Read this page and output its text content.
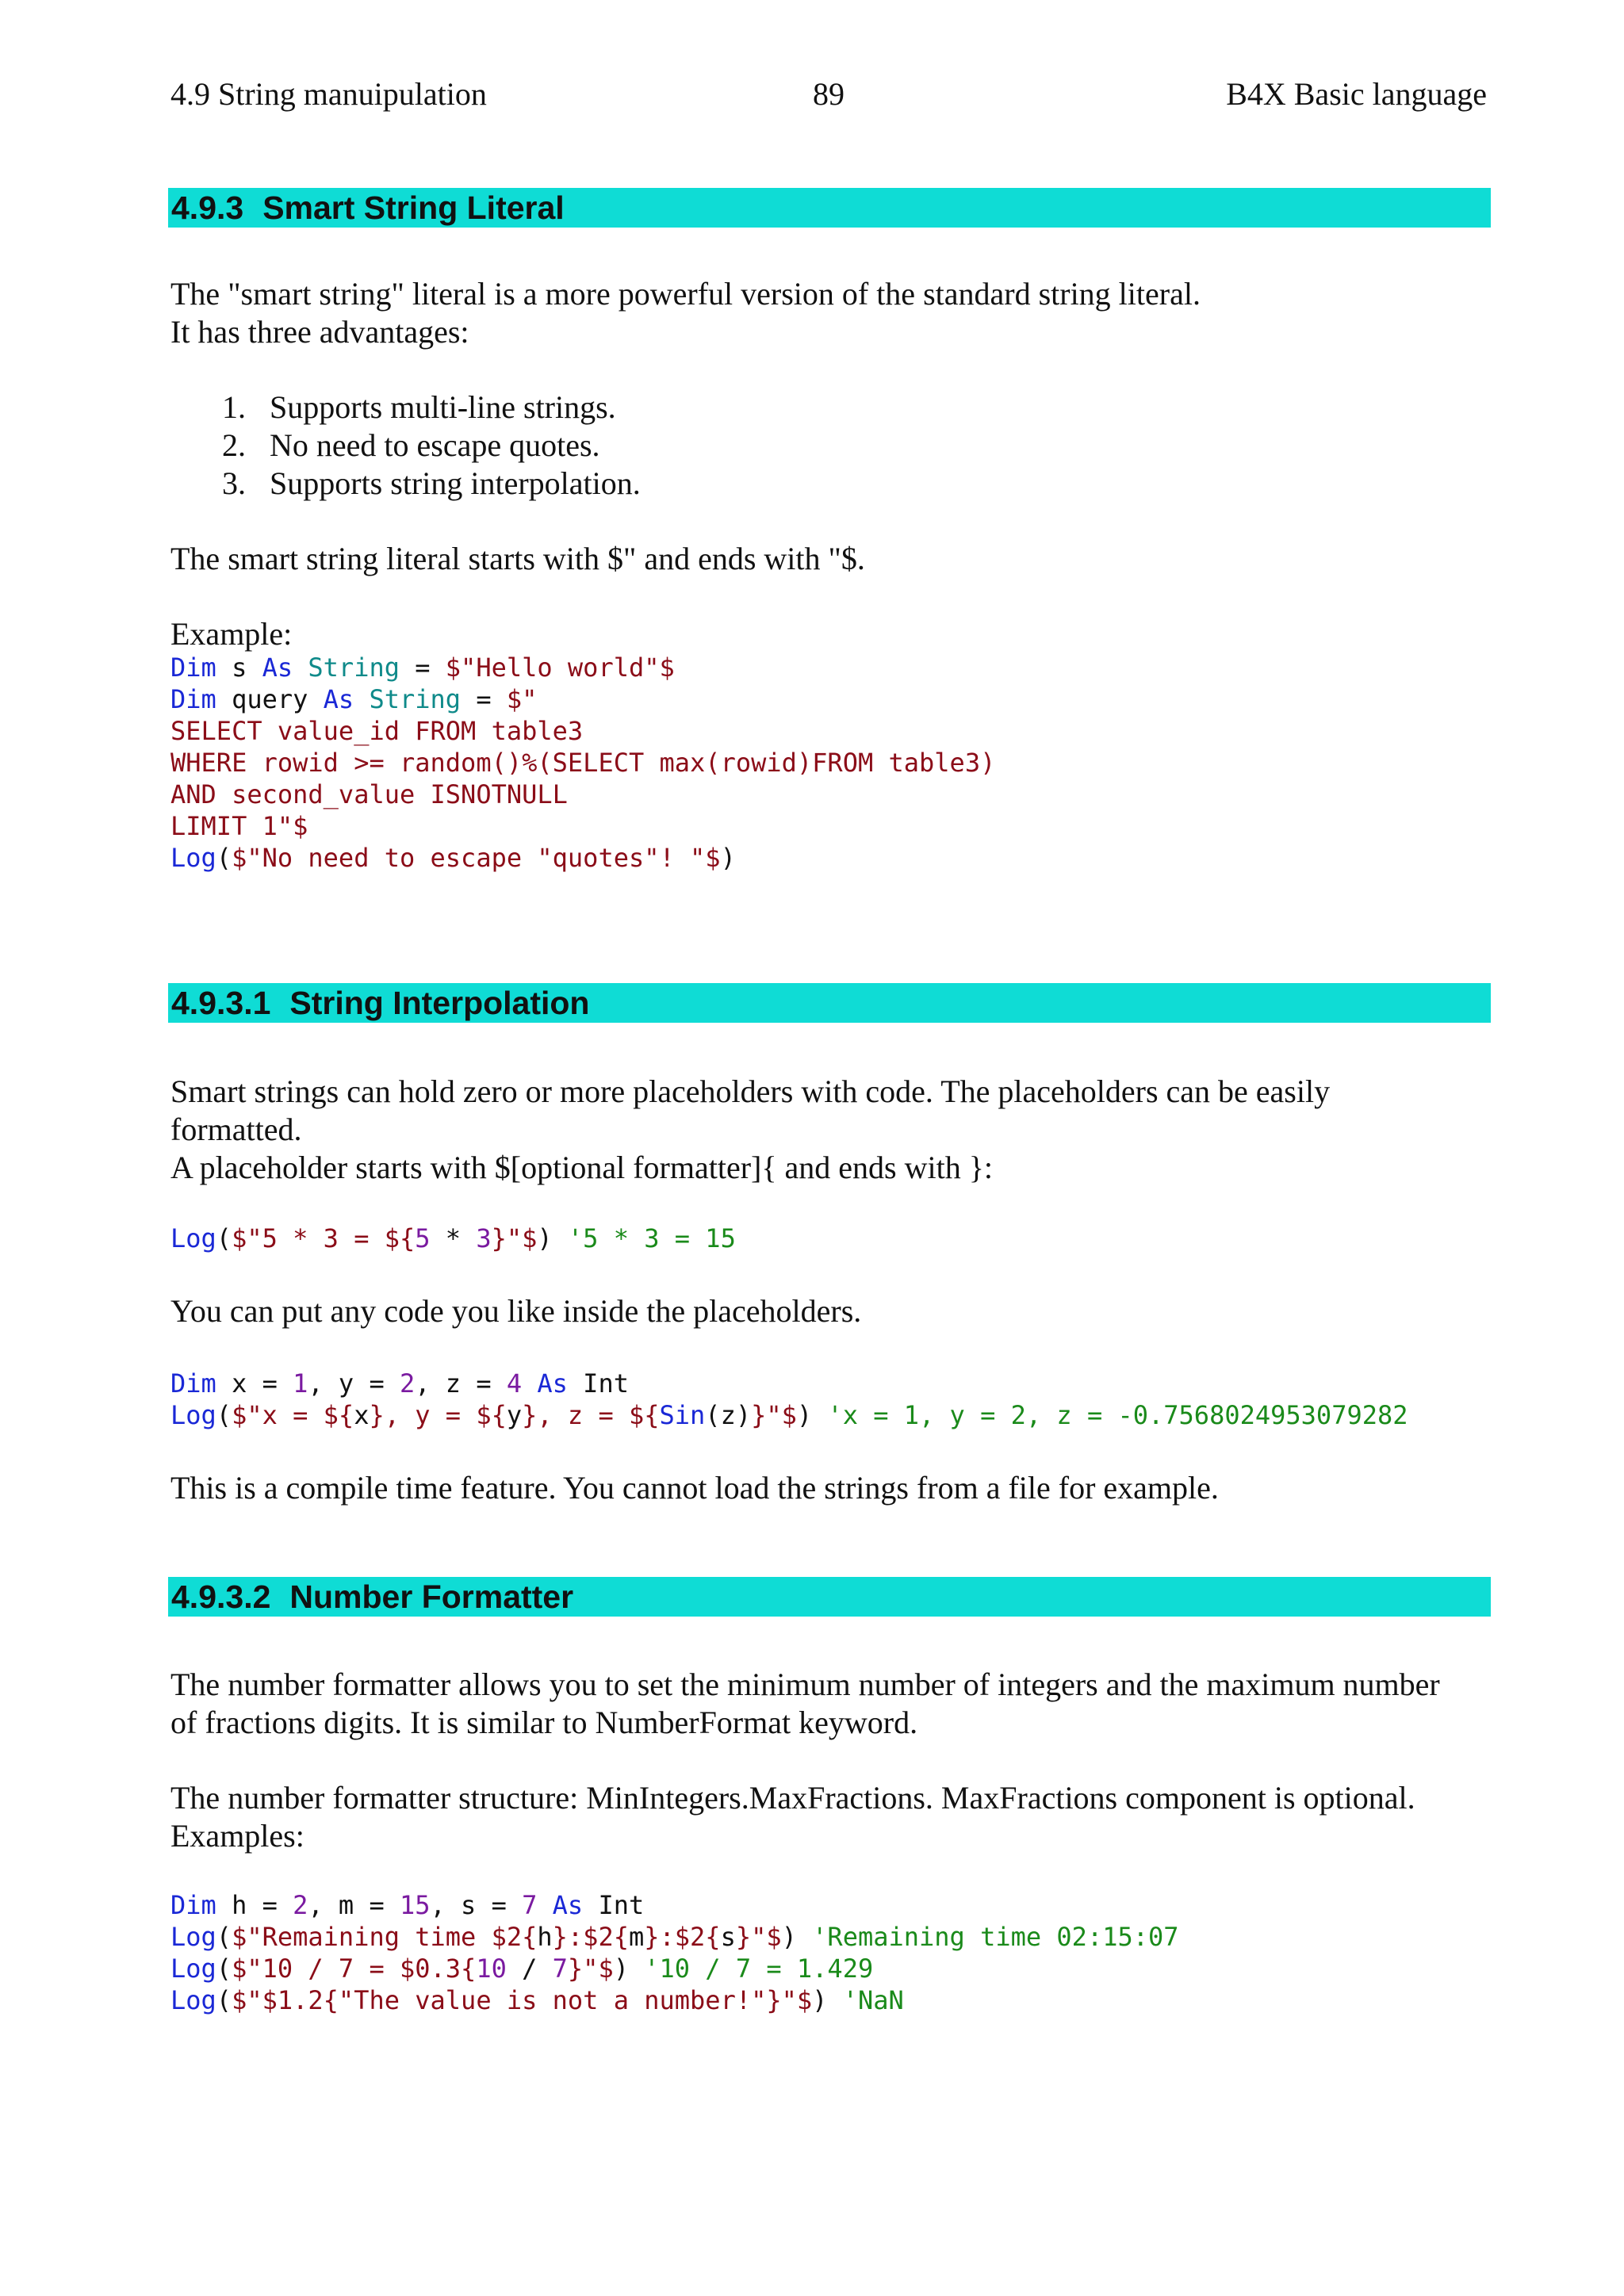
4.9 String manuipulation	89	B4X Basic language
4.9.3 Smart String Literal
The "smart string" literal is a more powerful version of the standard string literal.
It has three advantages:
1. Supports multi-line strings.
2. No need to escape quotes.
3. Supports string interpolation.
The smart string literal starts with $" and ends with "$.
Example:
Dim s As String = $"Hello world"$
Dim query As String = $"
SELECT value_id FROM table3
WHERE rowid >= random()%(SELECT max(rowid)FROM table3)
AND second_value ISNOTNULL
LIMIT 1"$
Log($"No need to escape "quotes"! "$)
4.9.3.1 String Interpolation
Smart strings can hold zero or more placeholders with code. The placeholders can be easily
formatted.
A placeholder starts with $[optional formatter]{ and ends with }:
Log($"5 * 3 = ${5 * 3}"$) '5 * 3 = 15
You can put any code you like inside the placeholders.
Dim x = 1, y = 2, z = 4 As Int
Log($"x = ${x}, y = ${y}, z = ${Sin(z)}"$) 'x = 1, y = 2, z = -0.7568024953079282
This is a compile time feature. You cannot load the strings from a file for example.
4.9.3.2 Number Formatter
The number formatter allows you to set the minimum number of integers and the maximum number
of fractions digits. It is similar to NumberFormat keyword.
The number formatter structure: MinIntegers.MaxFractions. MaxFractions component is optional.
Examples:
Dim h = 2, m = 15, s = 7 As Int
Log($"Remaining time $2{h}:$2{m}:$2{s}"$) 'Remaining time 02:15:07
Log($"10 / 7 = $0.3{10 / 7}"$) '10 / 7 = 1.429
Log($"$1.2{"The value is not a number!"}"$) 'NaN
